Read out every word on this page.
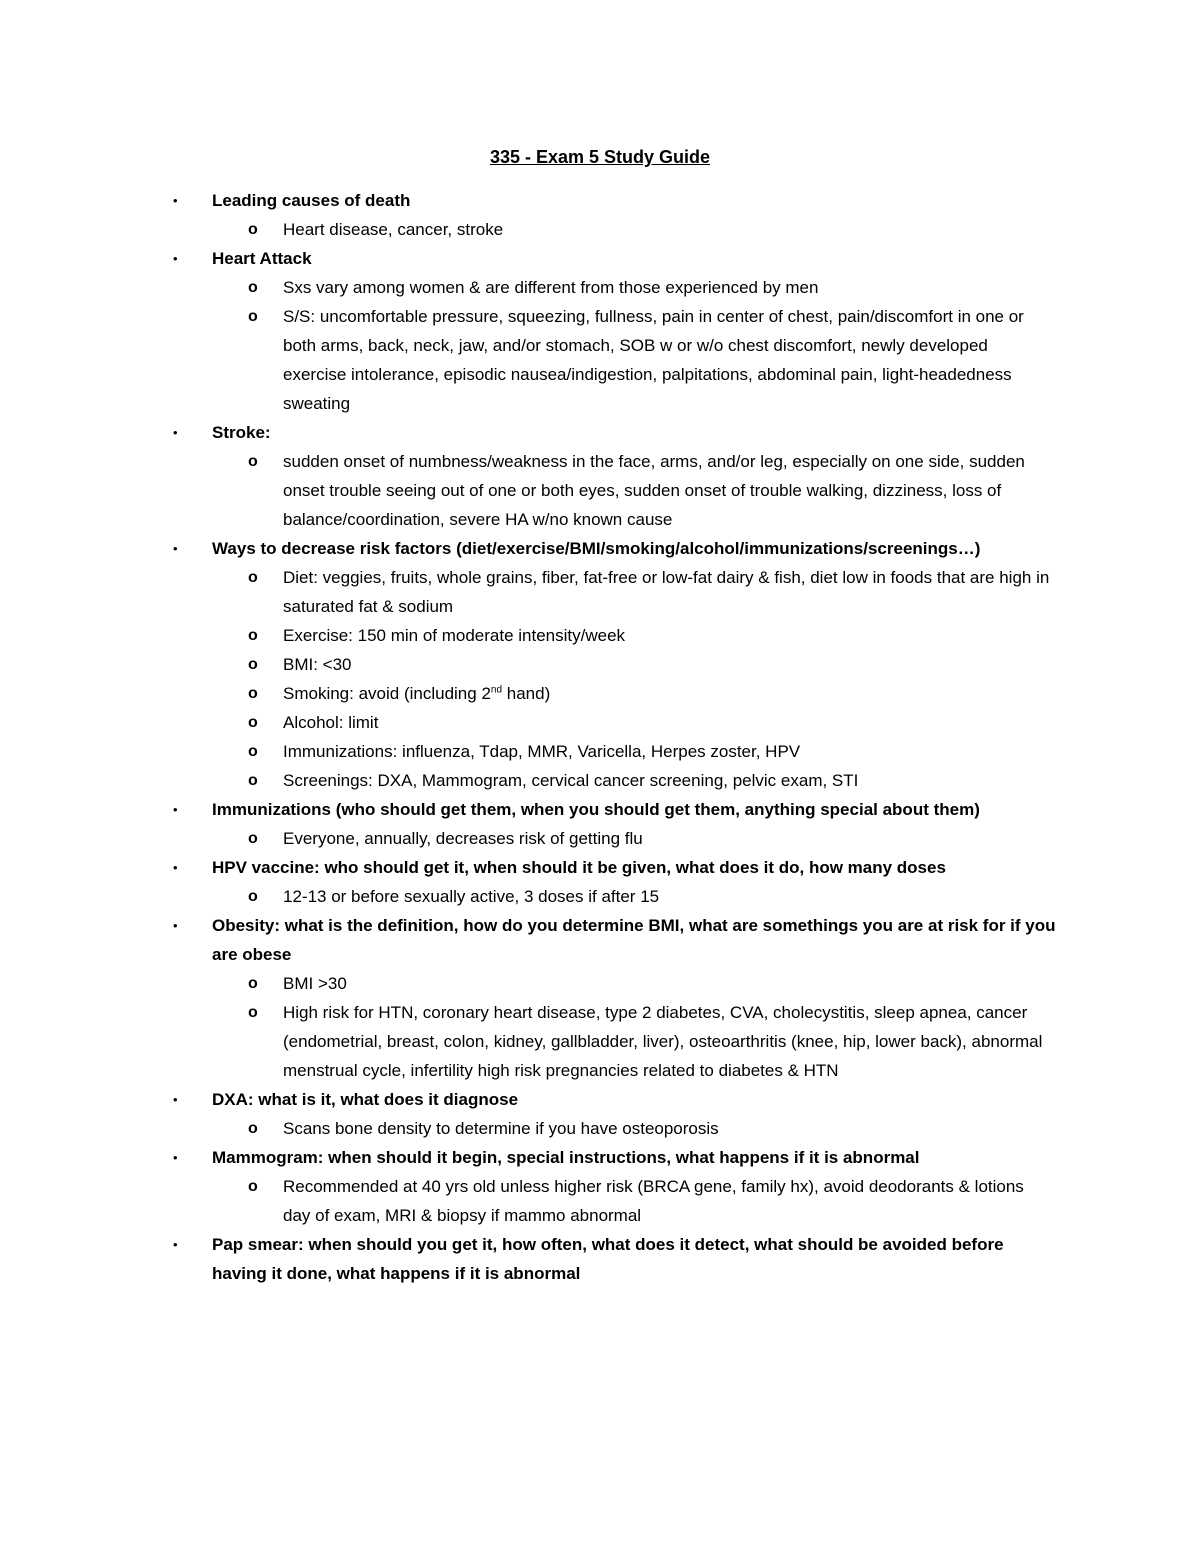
335 - Exam 5 Study Guide
•	Leading causes of death
o Heart disease, cancer, stroke
•	Heart Attack
o Sxs vary among women & are different from those experienced by men
o S/S: uncomfortable pressure, squeezing, fullness, pain in center of chest, pain/discomfort in one or both arms, back, neck, jaw, and/or stomach, SOB w or w/o chest discomfort, newly developed exercise intolerance, episodic nausea/indigestion, palpitations, abdominal pain, light-headedness sweating
•	Stroke:
o sudden onset of numbness/weakness in the face, arms, and/or leg, especially on one side, sudden onset trouble seeing out of one or both eyes, sudden onset of trouble walking, dizziness, loss of balance/coordination, severe HA w/no known cause
•	Ways to decrease risk factors (diet/exercise/BMI/smoking/alcohol/immunizations/screenings…)
o Diet: veggies, fruits, whole grains, fiber, fat-free or low-fat dairy & fish, diet low in foods that are high in saturated fat & sodium
o Exercise: 150 min of moderate intensity/week
o BMI: <30
o Smoking: avoid (including 2nd hand)
o Alcohol: limit
o Immunizations: influenza, Tdap, MMR, Varicella, Herpes zoster, HPV
o Screenings: DXA, Mammogram, cervical cancer screening, pelvic exam, STI
•	Immunizations (who should get them, when you should get them, anything special about them)
o Everyone, annually, decreases risk of getting flu
•	HPV vaccine: who should get it, when should it be given, what does it do, how many doses
o 12-13 or before sexually active, 3 doses if after 15
•	Obesity: what is the definition, how do you determine BMI, what are somethings you are at risk for if you are obese
o BMI >30
o High risk for HTN, coronary heart disease, type 2 diabetes, CVA, cholecystitis, sleep apnea, cancer (endometrial, breast, colon, kidney, gallbladder, liver), osteoarthritis (knee, hip, lower back), abnormal menstrual cycle, infertility high risk pregnancies related to diabetes & HTN
•	DXA: what is it, what does it diagnose
o Scans bone density to determine if you have osteoporosis
•	Mammogram: when should it begin, special instructions, what happens if it is abnormal
o Recommended at 40 yrs old unless higher risk (BRCA gene, family hx), avoid deodorants & lotions day of exam, MRI & biopsy if mammo abnormal
•	Pap smear: when should you get it, how often, what does it detect, what should be avoided before having it done, what happens if it is abnormal
